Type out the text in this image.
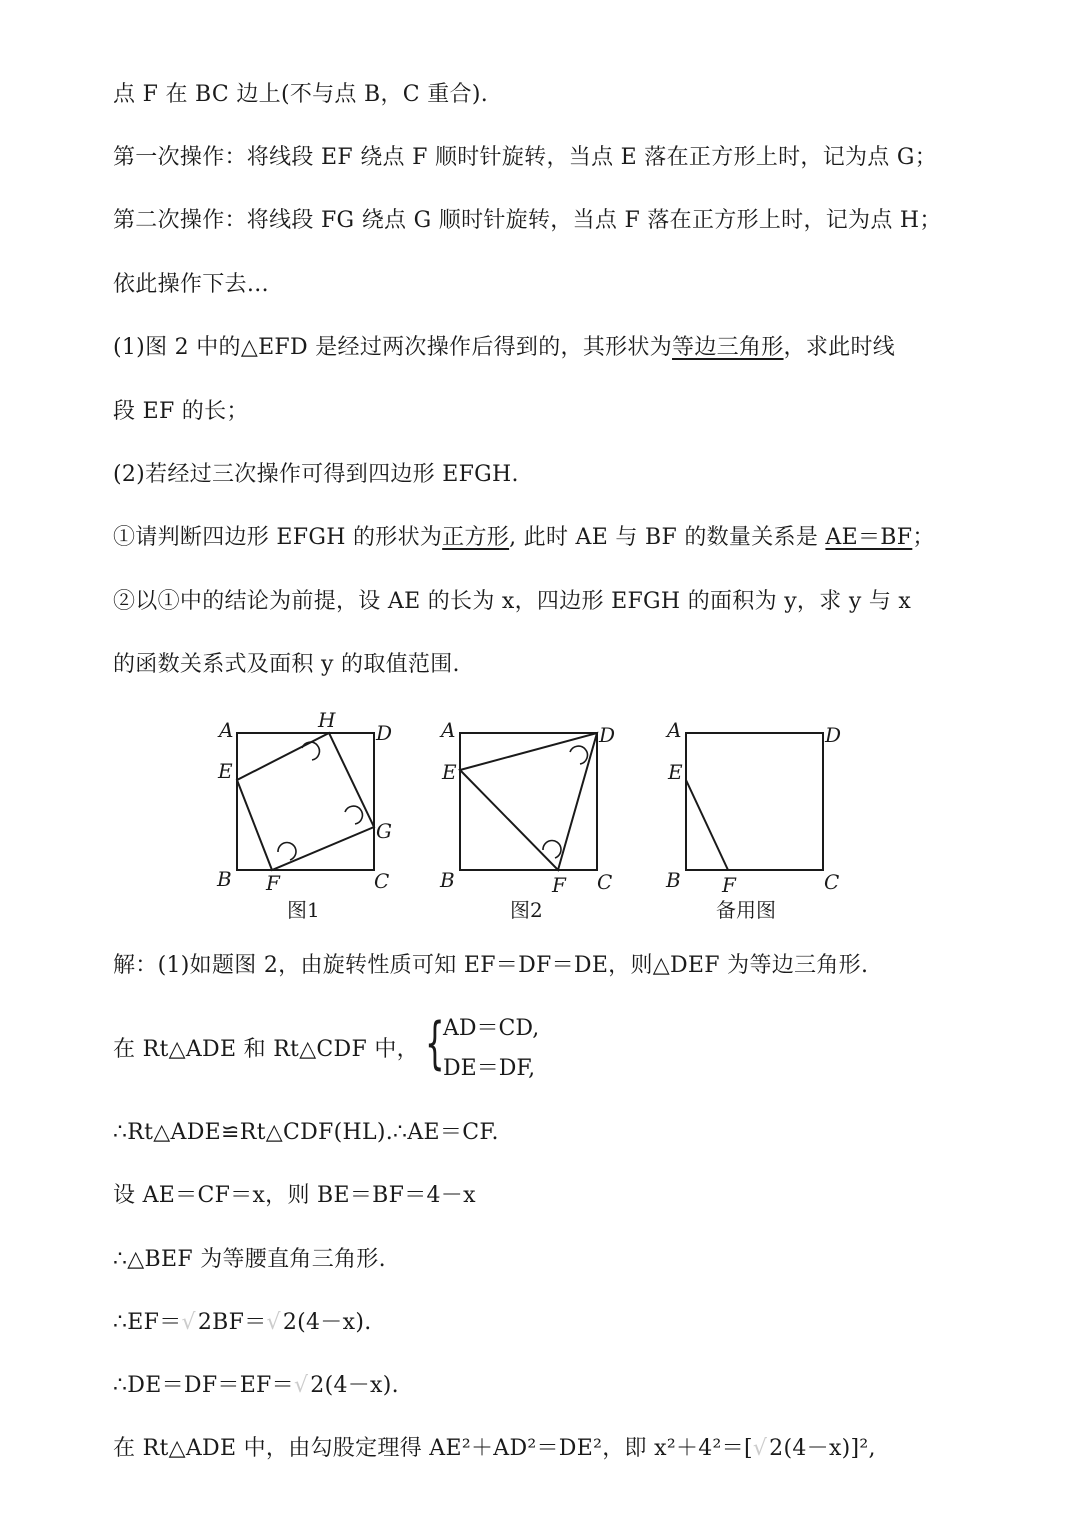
点 F 在 BC 边上(不与点 B，C 重合).
第一次操作：将线段 EF 绕点 F 顺时针旋转，当点 E 落在正方形上时，记为点 G；
第二次操作：将线段 FG 绕点 G 顺时针旋转，当点 F 落在正方形上时，记为点 H；
依此操作下去…
(1)图 2 中的△EFD 是经过两次操作后得到的，其形状为等边三角形，求此时线
段 EF 的长；
(2)若经过三次操作可得到四边形 EFGH.
①请判断四边形 EFGH 的形状为正方形, 此时 AE 与 BF 的数量关系是 AE＝BF；
②以①中的结论为前提，设 AE 的长为 x，四边形 EFGH 的面积为 y，求 y 与 x
的函数关系式及面积 y 的取值范围.
A	D
E
H
G
B F	C
图1
A	D
E
B	F C
图2
A	D
E
B F	C
备用图
解：(1)如题图 2，由旋转性质可知 EF＝DF＝DE，则△DEF 为等边三角形.
在 Rt△ADE 和 Rt△CDF 中， {
AD＝CD,
DE＝DF,
∴Rt△ADE≌Rt△CDF(HL).∴AE＝CF.
设 AE＝CF＝x，则 BE＝BF＝4－x
∴△BEF 为等腰直角三角形.
∴EF＝√2BF＝√2(4－x).
∴DE＝DF＝EF＝√2(4－x).
在 Rt△ADE 中，由勾股定理得 AE²＋AD²＝DE²，即 x²＋4²＝[√2(4－x)]²,
